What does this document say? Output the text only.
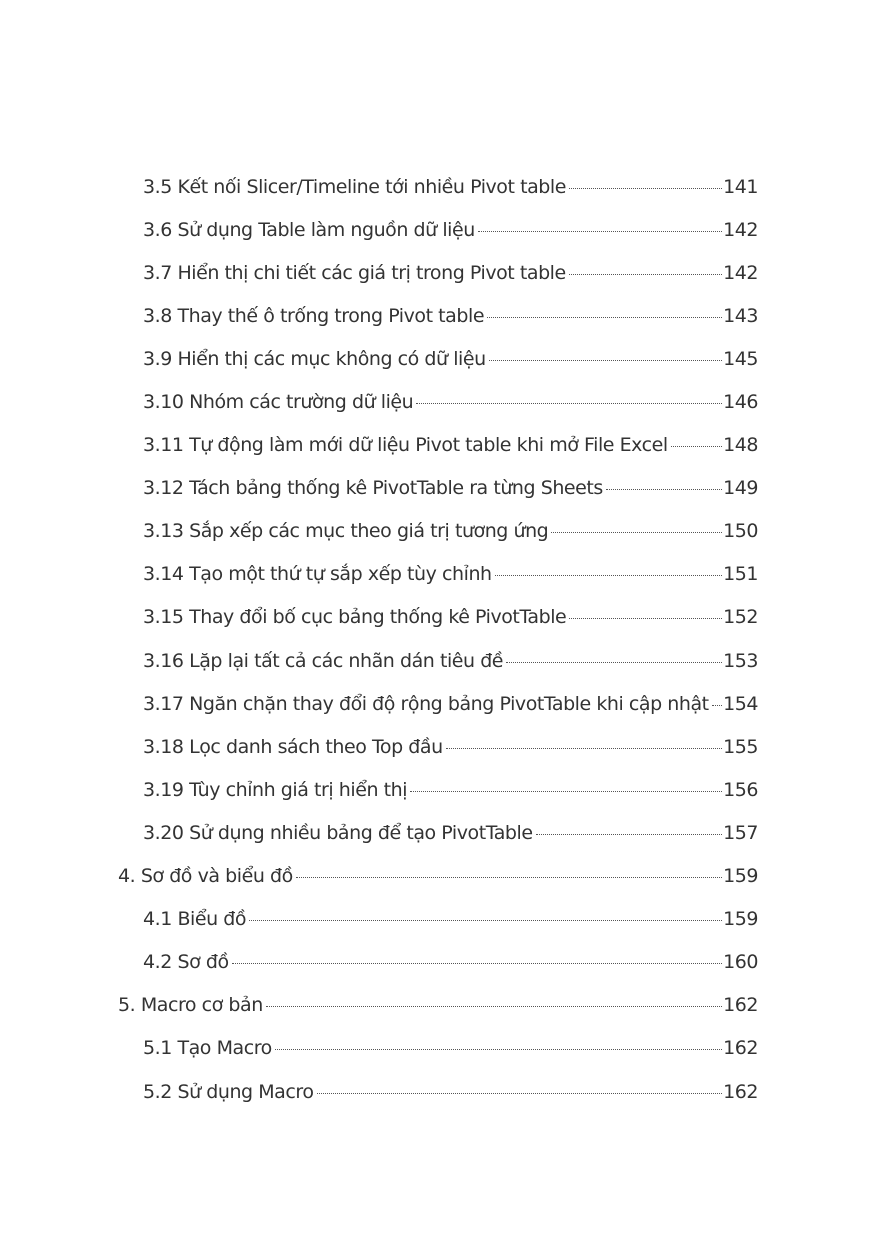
3.5 Kết nối Slicer/Timeline tới nhiều Pivot table	141
3.6 Sử dụng Table làm nguồn dữ liệu	142
3.7 Hiển thị chi tiết các giá trị trong Pivot table	142
3.8 Thay thế ô trống trong Pivot table	143
3.9 Hiển thị các mục không có dữ liệu	145
3.10 Nhóm các trường dữ liệu	146
3.11 Tự động làm mới dữ liệu Pivot table khi mở File Excel	148
3.12 Tách bảng thống kê PivotTable ra từng Sheets	149
3.13 Sắp xếp các mục theo giá trị tương ứng	150
3.14 Tạo một thứ tự sắp xếp tùy chỉnh	151
3.15 Thay đổi bố cục bảng thống kê PivotTable	152
3.16 Lặp lại tất cả các nhãn dán tiêu đề	153
3.17 Ngăn chặn thay đổi độ rộng bảng PivotTable khi cập nhật 154
3.18 Lọc danh sách theo Top đầu	155
3.19 Tùy chỉnh giá trị hiển thị	156
3.20 Sử dụng nhiều bảng để tạo PivotTable	157
4. Sơ đồ và biểu đồ	159
4.1 Biểu đồ	159
4.2 Sơ đồ	160
5. Macro cơ bản	162
5.1 Tạo Macro	162
5.2 Sử dụng Macro	162
